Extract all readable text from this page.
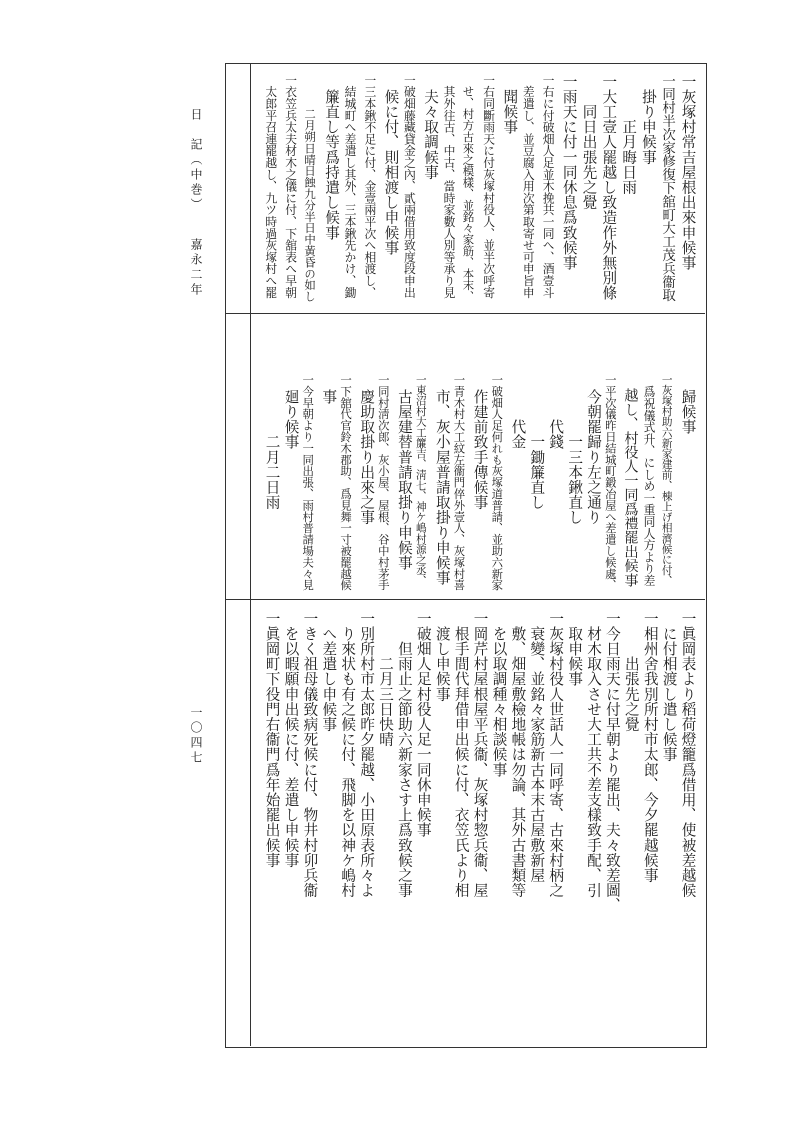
日　記（中巻）
嘉永二年
一〇四七
一灰塚村常吉屋根出來申候事
一同村半次家修復下舘町大工茂兵衞取
　掛り申候事
　　　正月晦日雨
一大工壹人罷越し致造作外無別條
　　同日出張先之覺
一雨天に付一同休息爲致候事
一右に付破畑人足並木挽共一同へ、酒壹斗
　差遣し、並豆腐入用次第取寄せ可申旨申
　聞候事
一右同斷雨天に付灰塚村役人、並半次呼寄
　せ、村方古來之模樣、並銘々家筋、本末、
　其外往古、中古、當時家數人別等承り見
　夫々取調候事
一破畑藤藏貸金之內、貳兩借用致度段申出
　候に付、則相渡し申候事
一三本鍬不足に付、金壹兩平次へ相渡し、
　結城町へ差遣し其外、三本鍬先かけ、鋤
　簾直し等爲持遣し候事
　　　二月朔日晴日蝕九分半日中黃昏の如し
一衣笠兵太夫材木之儀に付、下舘表へ早朝
　太郎平召連罷越し、九ツ時過灰塚村へ罷
　歸候事
一灰塚村助六新家建前、棟上げ相濟候に付、
　爲祝儀式升、にしめ一重同人方より差
　越し、村役人一同爲禮罷出候事
一平次儀昨日結城町鍛冶屋へ差遣し候處、
　今朝罷歸り左之通り
　　　　一三本鍬直し
　　　代錢
　　　　一鋤簾直し
　　　代金
一破畑人足何れも灰塚道普請、並助六新家
　作建前致手傳候事
一青木村大工紋左衞門倅外壹人、灰塚村喜
　市、灰小屋普請取掛り申候事
一東沼村大工簾吉、淸七、神ケ嶋村源之丞、
　古屋建替普請取掛り申候事
一同村淸次郎、灰小屋、屋根、谷中村茅手
　慶助取掛り出來之事
一下舘代官鈴木郡助、爲見舞一寸被罷越候
　事
一今早朝より一同出張、雨村普請場夫々見
　廻り候事
　　　　二月二日雨
一眞岡表より稻荷燈籠爲借用、使被差越候
　に付相渡し遣し候事
一相州舍我別所村市太郎、今夕罷越候事
　　　出張先之覺
一今日雨天に付早朝より罷出、夫々致差圖、
　材木取入させ大工共不差支樣致手配、引
　取申候事
一灰塚村役人世話人一同呼寄、古來村柄之
　衰變、並銘々家筋新古本末古屋敷新屋
　敷、畑屋敷檢地帳は勿論、其外古書類等
　を以取調種々相談候事
一岡芹村屋根屋平兵衞、灰塚村惣兵衞、屋
　根手間代拜借申出候に付、衣笠氏より相
　渡し申候事
一破畑人足村役人足一同休申候事
　　但雨止之節助六新家さす上爲致候之事
　　　二月三日快晴
一別所村市太郎昨夕罷越、小田原表所々よ
　り來状も有之候に付、飛脚を以神ケ嶋村
　へ差遣し申候事
一きく祖母儀致病死候に付、物井村卯兵衞
　を以暇願申出候に付、差遣し申候事
一眞岡町下役門右衞門爲年始罷出候事
